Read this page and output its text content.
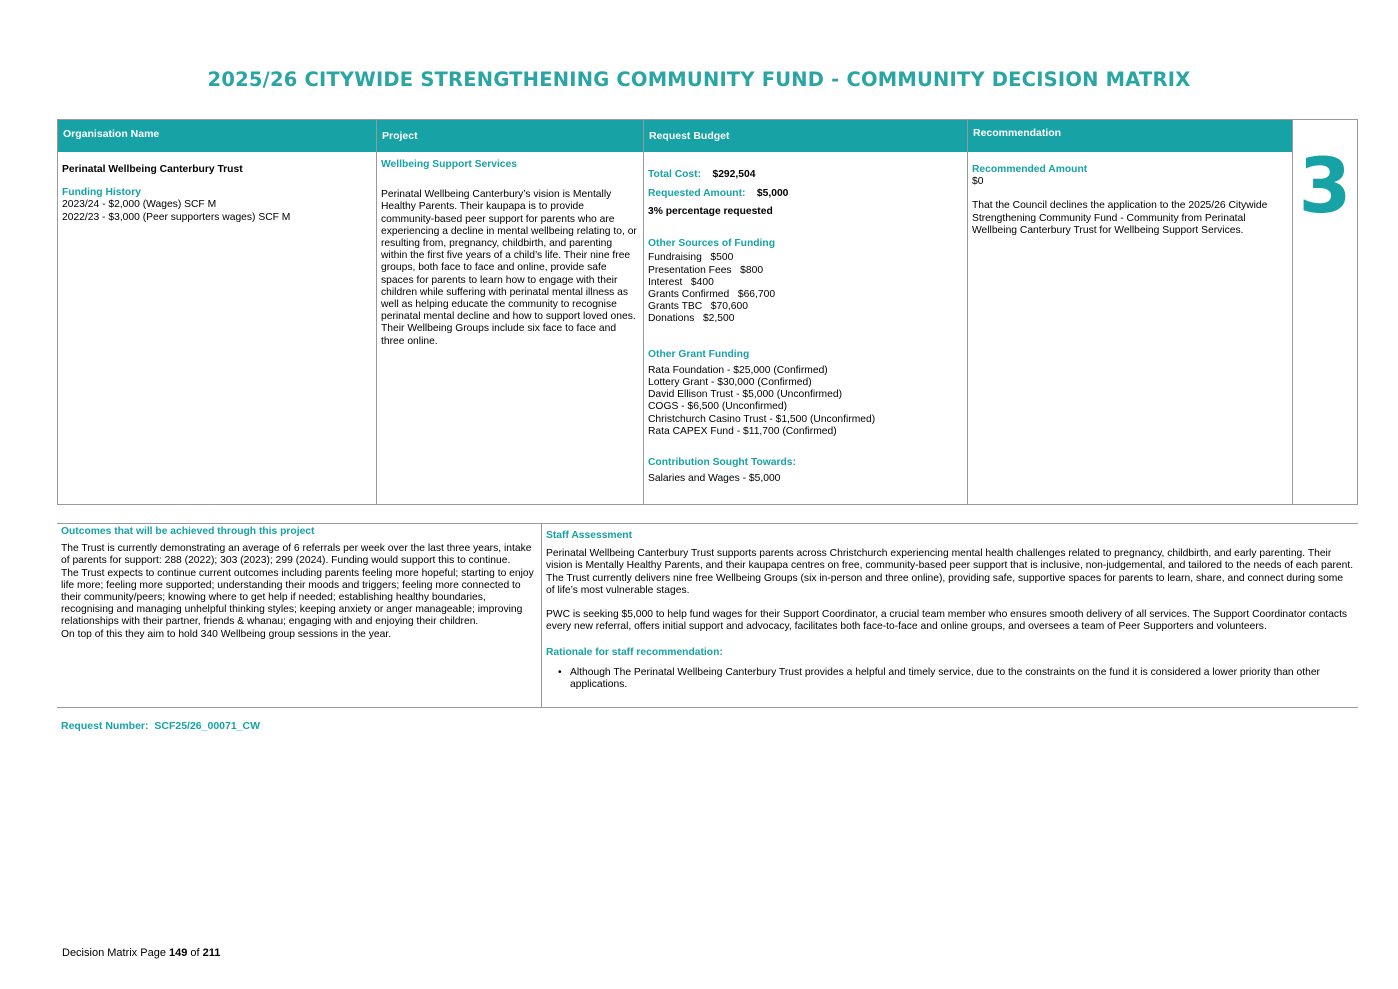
2025/26 CITYWIDE STRENGTHENING COMMUNITY FUND - COMMUNITY DECISION MATRIX
Organisation Name
Perinatal Wellbeing Canterbury Trust
Funding History
2023/24 - $2,000 (Wages) SCF M
2022/23 - $3,000 (Peer supporters wages) SCF M
Project
Wellbeing Support Services
Perinatal Wellbeing Canterbury’s vision is Mentally Healthy Parents. Their kaupapa is to provide community-based peer support for parents who are experiencing a decline in mental wellbeing relating to, or resulting from, pregnancy, childbirth, and parenting within the first five years of a child’s life. Their nine free groups, both face to face and online, provide safe spaces for parents to learn how to engage with their children while suffering with perinatal mental illness as well as helping educate the community to recognise perinatal mental decline and how to support loved ones. Their Wellbeing Groups include six face to face and three online.
Request Budget
Total Cost: $292,504
Requested Amount: $5,000
3% percentage requested
Other Sources of Funding
Fundraising   $500
Presentation Fees   $800
Interest   $400
Grants Confirmed   $66,700
Grants TBC   $70,600
Donations   $2,500
Other Grant Funding
Rata Foundation - $25,000 (Confirmed)
Lottery Grant - $30,000 (Confirmed)
David Ellison Trust - $5,000 (Unconfirmed)
COGS - $6,500 (Unconfirmed)
Christchurch Casino Trust - $1,500 (Unconfirmed)
Rata CAPEX Fund - $11,700 (Confirmed)
Contribution Sought Towards:
Salaries and Wages - $5,000
Recommendation
Recommended Amount
$0
That the Council declines the application to the 2025/26 Citywide Strengthening Community Fund - Community from Perinatal Wellbeing Canterbury Trust for Wellbeing Support Services.
3
Outcomes that will be achieved through this project
The Trust is currently demonstrating an average of 6 referrals per week over the last three years, intake of parents for support: 288 (2022); 303 (2023); 299 (2024). Funding would support this to continue.
The Trust expects to continue current outcomes including parents feeling more hopeful; starting to enjoy life more; feeling more supported; understanding their moods and triggers; feeling more connected to their community/peers; knowing where to get help if needed; establishing healthy boundaries, recognising and managing unhelpful thinking styles; keeping anxiety or anger manageable; improving relationships with their partner, friends & whanau; engaging with and enjoying their children.
On top of this they aim to hold 340 Wellbeing group sessions in the year.
Staff Assessment
Perinatal Wellbeing Canterbury Trust supports parents across Christchurch experiencing mental health challenges related to pregnancy, childbirth, and early parenting. Their vision is Mentally Healthy Parents, and their kaupapa centres on free, community-based peer support that is inclusive, non-judgemental, and tailored to the needs of each parent. The Trust currently delivers nine free Wellbeing Groups (six in-person and three online), providing safe, supportive spaces for parents to learn, share, and connect during some of life’s most vulnerable stages.
PWC is seeking $5,000 to help fund wages for their Support Coordinator, a crucial team member who ensures smooth delivery of all services. The Support Coordinator contacts every new referral, offers initial support and advocacy, facilitates both face-to-face and online groups, and oversees a team of Peer Supporters and volunteers.
Rationale for staff recommendation:
• Although The Perinatal Wellbeing Canterbury Trust provides a helpful and timely service, due to the constraints on the fund it is considered a lower priority than other applications.
Request Number: SCF25/26_00071_CW
Decision Matrix Page 149 of 211
